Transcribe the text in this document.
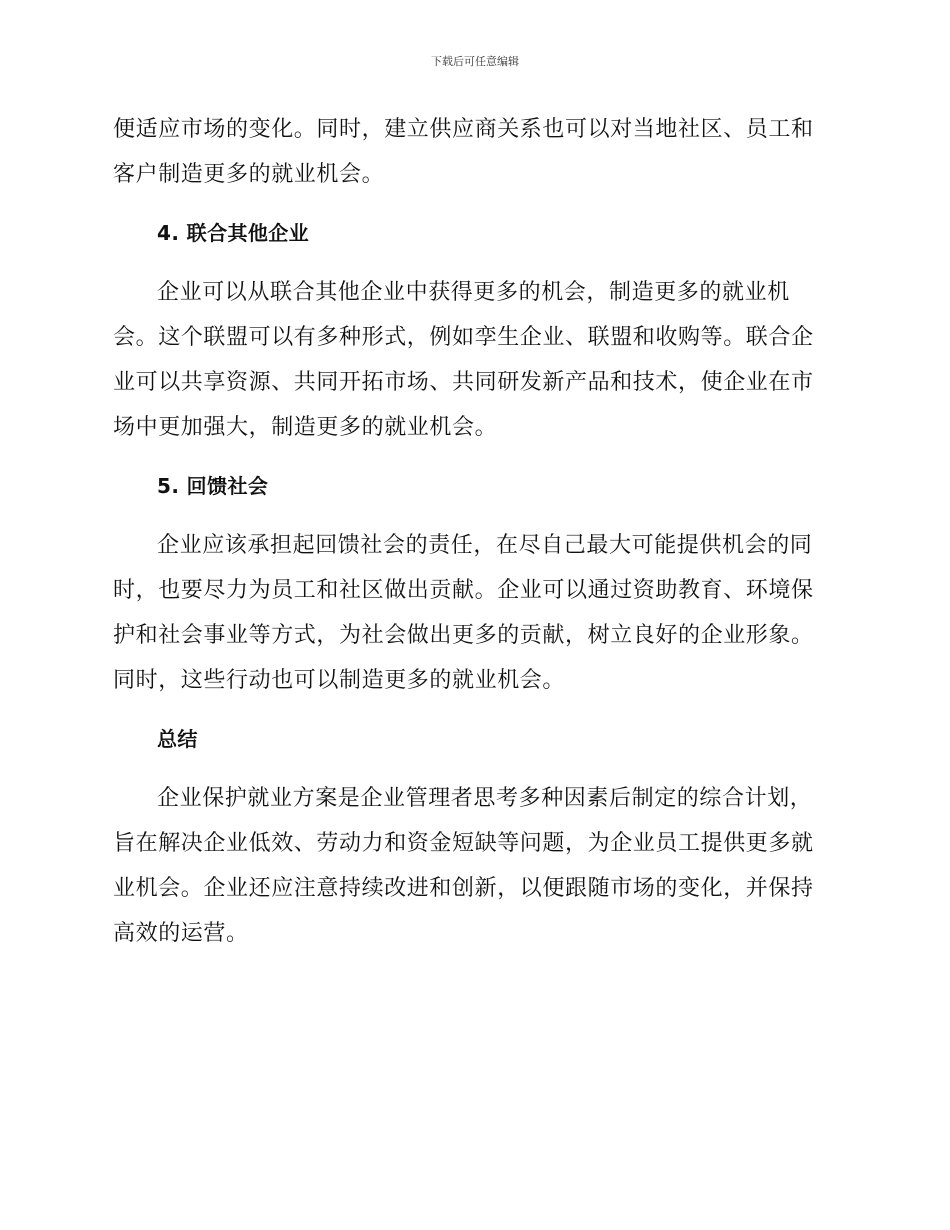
下载后可任意编辑

便适应市场的变化。同时，建立供应商关系也可以对当地社区、员工和客户制造更多的就业机会。

4. 联合其他企业

企业可以从联合其他企业中获得更多的机会，制造更多的就业机会。这个联盟可以有多种形式，例如孪生企业、联盟和收购等。联合企业可以共享资源、共同开拓市场、共同研发新产品和技术，使企业在市场中更加强大，制造更多的就业机会。

5. 回馈社会

企业应该承担起回馈社会的责任，在尽自己最大可能提供机会的同时，也要尽力为员工和社区做出贡献。企业可以通过资助教育、环境保护和社会事业等方式，为社会做出更多的贡献，树立良好的企业形象。同时，这些行动也可以制造更多的就业机会。

总结

企业保护就业方案是企业管理者思考多种因素后制定的综合计划，旨在解决企业低效、劳动力和资金短缺等问题，为企业员工提供更多就业机会。企业还应注意持续改进和创新，以便跟随市场的变化，并保持高效的运营。
